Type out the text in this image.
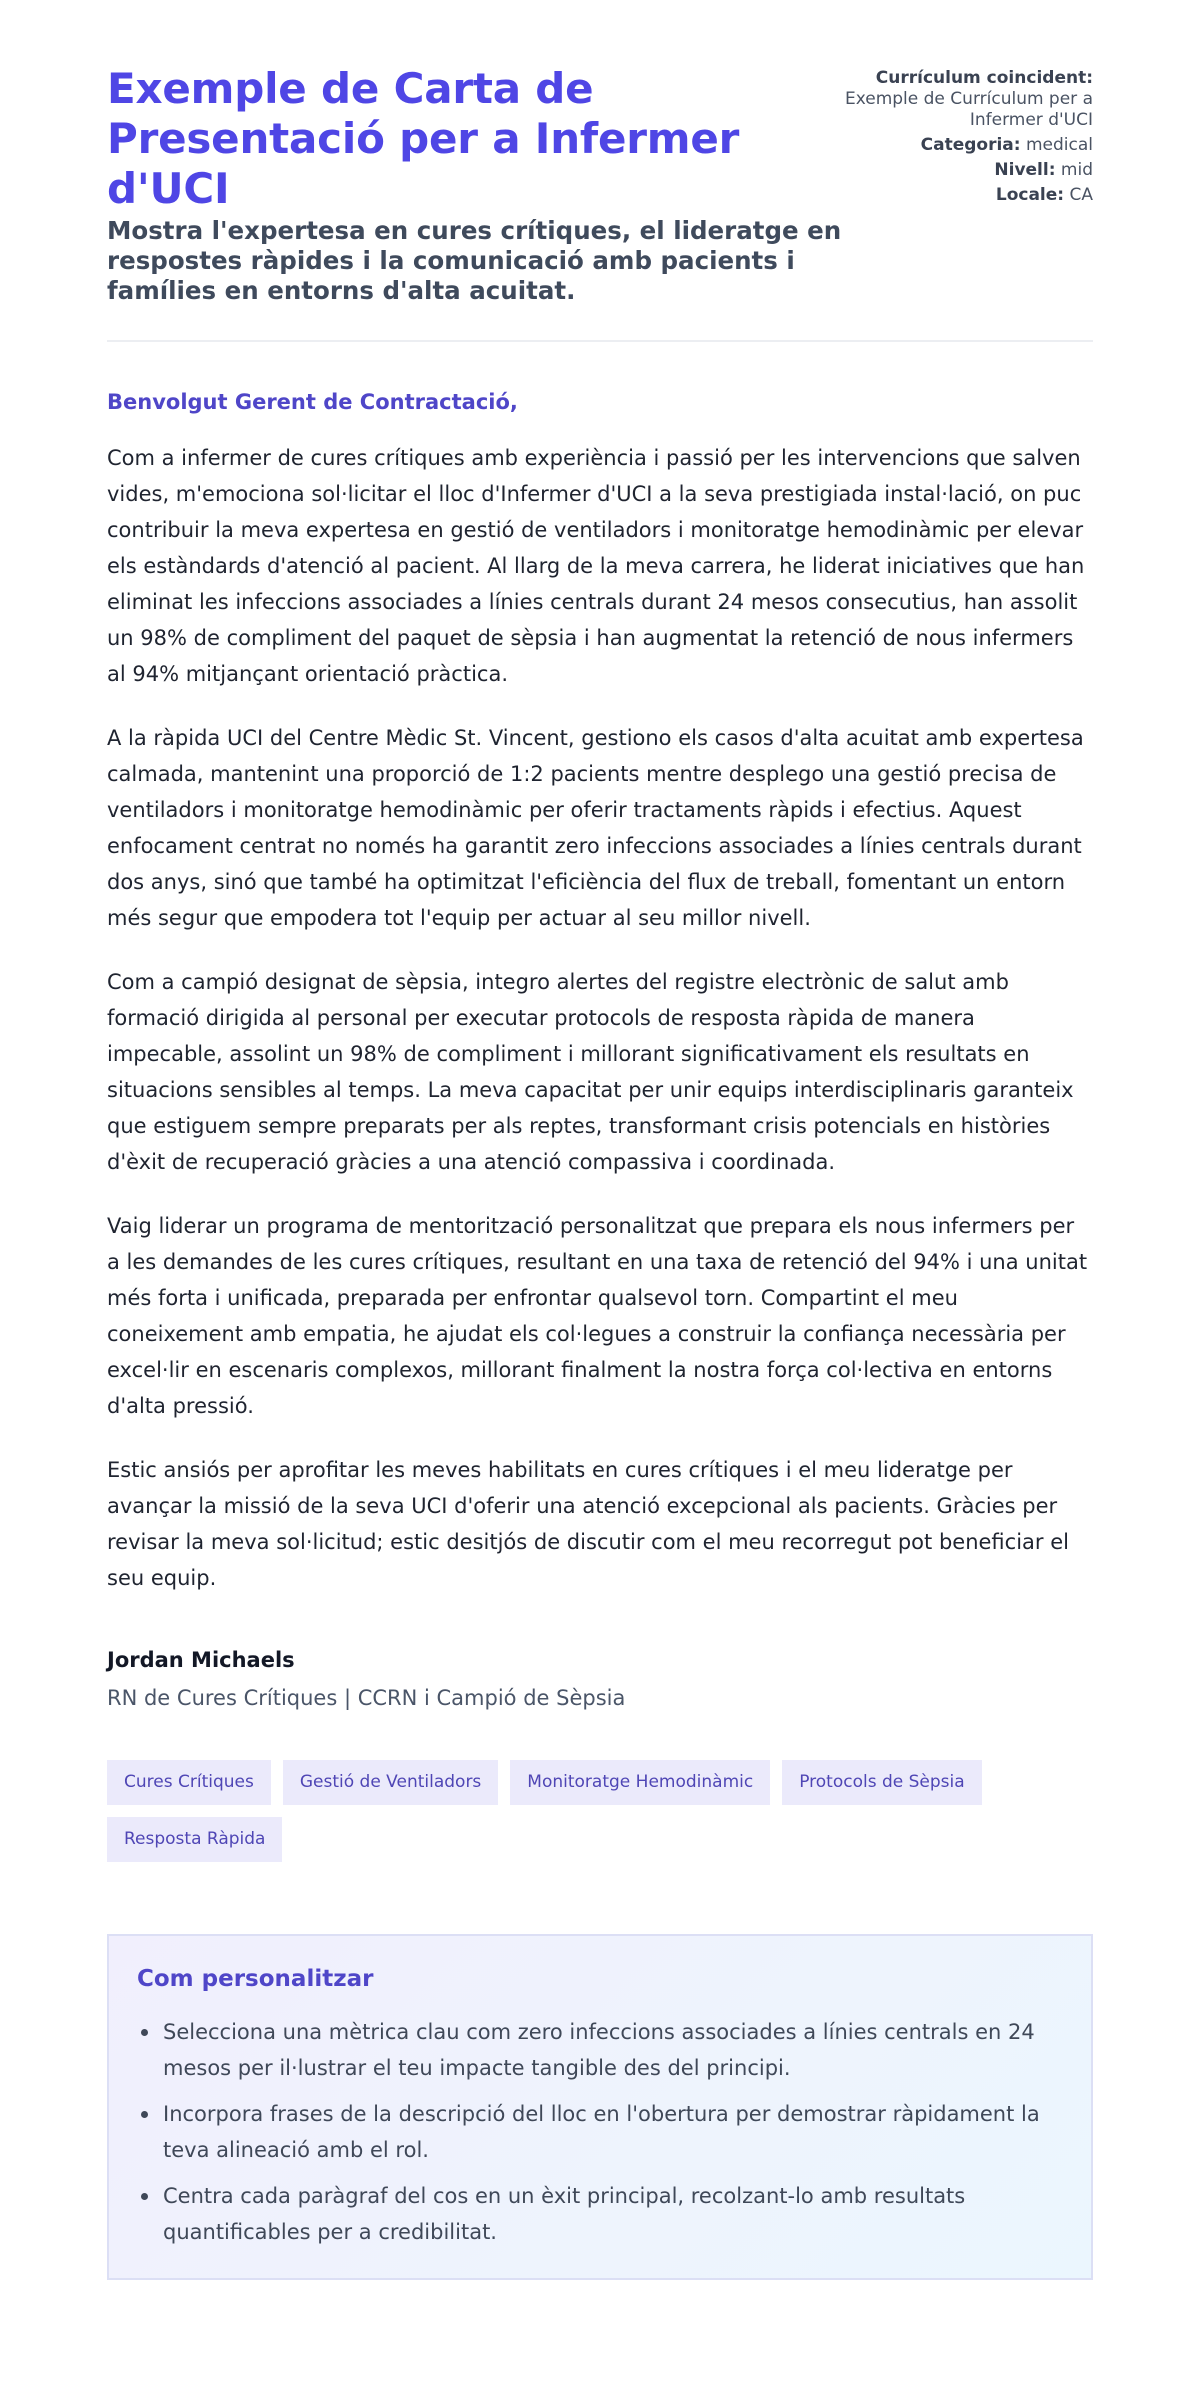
Exemple de Carta de Presentació per a Infermer d'UCI
Mostra l'expertesa en cures crítiques, el lideratge en respostes ràpides i la comunicació amb pacients i famílies en entorns d'alta acuitat.
Currículum coincident:
Exemple de Currículum per a Infermer d'UCI
Categoria: medical
Nivell: mid
Locale: CA
Benvolgut Gerent de Contractació,

Com a infermer de cures crítiques amb experiència i passió per les intervencions que salven vides, m'emociona sol·licitar el lloc d'Infermer d'UCI a la seva prestigiada instal·lació, on puc contribuir la meva expertesa en gestió de ventiladors i monitoratge hemodinàmic per elevar els estàndards d'atenció al pacient. Al llarg de la meva carrera, he liderat iniciatives que han eliminat les infeccions associades a línies centrals durant 24 mesos consecutius, han assolit un 98% de compliment del paquet de sèpsia i han augmentat la retenció de nous infermers al 94% mitjançant orientació pràctica.

A la ràpida UCI del Centre Mèdic St. Vincent, gestiono els casos d'alta acuitat amb expertesa calmada, mantenint una proporció de 1:2 pacients mentre desplego una gestió precisa de ventiladors i monitoratge hemodinàmic per oferir tractaments ràpids i efectius. Aquest enfocament centrat no només ha garantit zero infeccions associades a línies centrals durant dos anys, sinó que també ha optimitzat l'eficiència del flux de treball, fomentant un entorn més segur que empodera tot l'equip per actuar al seu millor nivell.

Com a campió designat de sèpsia, integro alertes del registre electrònic de salut amb formació dirigida al personal per executar protocols de resposta ràpida de manera impecable, assolint un 98% de compliment i millorant significativament els resultats en situacions sensibles al temps. La meva capacitat per unir equips interdisciplinaris garanteix que estiguem sempre preparats per als reptes, transformant crisis potencials en històries d'èxit de recuperació gràcies a una atenció compassiva i coordinada.

Vaig liderar un programa de mentorització personalitzat que prepara els nous infermers per a les demandes de les cures crítiques, resultant en una taxa de retenció del 94% i una unitat més forta i unificada, preparada per enfrontar qualsevol torn. Compartint el meu coneixement amb empatia, he ajudat els col·legues a construir la confiança necessària per excel·lir en escenaris complexos, millorant finalment la nostra força col·lectiva en entorns d'alta pressió.

Estic ansiós per aprofitar les meves habilitats en cures crítiques i el meu lideratge per avançar la missió de la seva UCI d'oferir una atenció excepcional als pacients. Gràcies per revisar la meva sol·licitud; estic desitjós de discutir com el meu recorregut pot beneficiar el seu equip.

Jordan Michaels
RN de Cures Crítiques | CCRN i Campió de Sèpsia
Cures Crítiques	Gestió de Ventiladors	Monitoratge Hemodinàmic	Protocols de Sèpsia
Resposta Ràpida
Com personalitzar
Selecciona una mètrica clau com zero infeccions associades a línies centrals en 24 mesos per il·lustrar el teu impacte tangible des del principi.
Incorpora frases de la descripció del lloc en l'obertura per demostrar ràpidament la teva alineació amb el rol.
Centra cada paràgraf del cos en un èxit principal, recolzant-lo amb resultats quantificables per a credibilitat.
